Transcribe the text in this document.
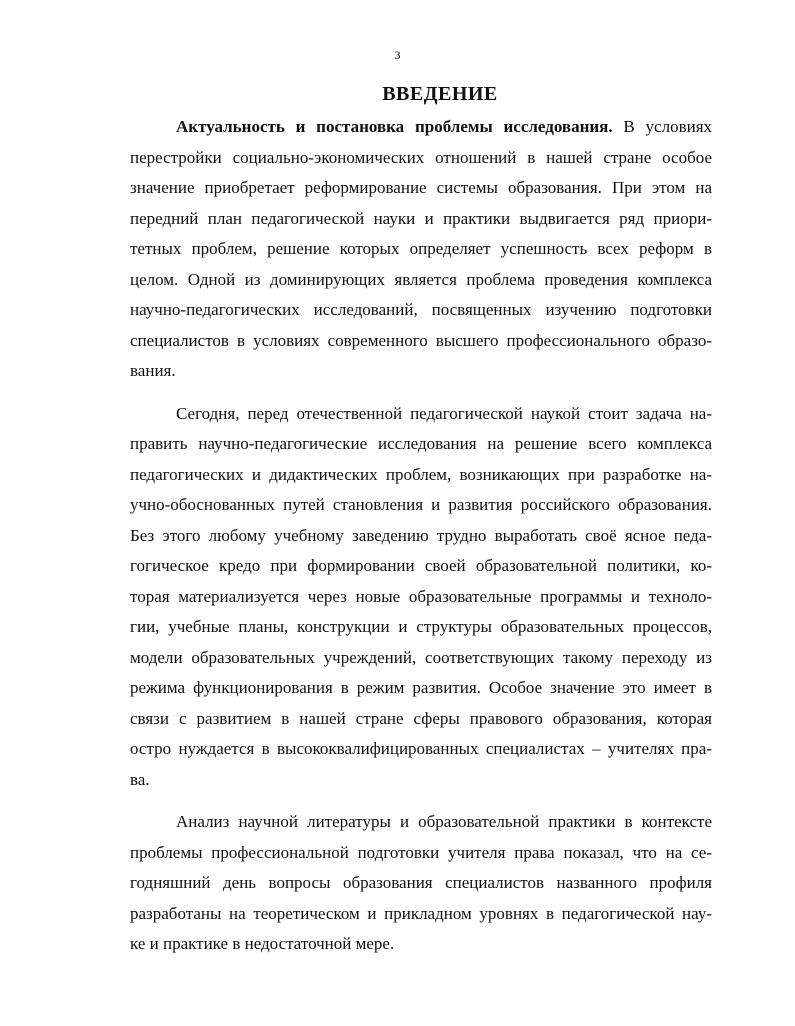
3
ВВЕДЕНИЕ
Актуальность и постановка проблемы исследования. В условиях
перестройки социально-экономических отношений в нашей стране особое
значение приобретает реформирование системы образования. При этом на
передний план педагогической науки и практики выдвигается ряд приори-
тетных проблем, решение которых определяет успешность всех реформ в
целом. Одной из доминирующих является проблема проведения комплекса
научно-педагогических исследований, посвященных изучению подготовки
специалистов в условиях современного высшего профессионального образо-
вания.
Сегодня, перед отечественной педагогической наукой стоит задача на-
править научно-педагогические исследования на решение всего комплекса
педагогических и дидактических проблем, возникающих при разработке на-
учно-обоснованных путей становления и развития российского образования.
Без этого любому учебному заведению трудно выработать своё ясное педа-
гогическое кредо при формировании своей образовательной политики, ко-
торая материализуется через новые образовательные программы и техноло-
гии, учебные планы, конструкции и структуры образовательных процессов,
модели образовательных учреждений, соответствующих такому переходу из
режима функционирования в режим развития. Особое значение это имеет в
связи с развитием в нашей стране сферы правового образования, которая
остро нуждается в высококвалифицированных специалистах – учителях пра-
ва.
Анализ научной литературы и образовательной практики в контексте
проблемы профессиональной подготовки учителя права показал, что на се-
годняшний день вопросы образования специалистов названного профиля
разработаны на теоретическом и прикладном уровнях в педагогической нау-
ке и практике в недостаточной мере.
